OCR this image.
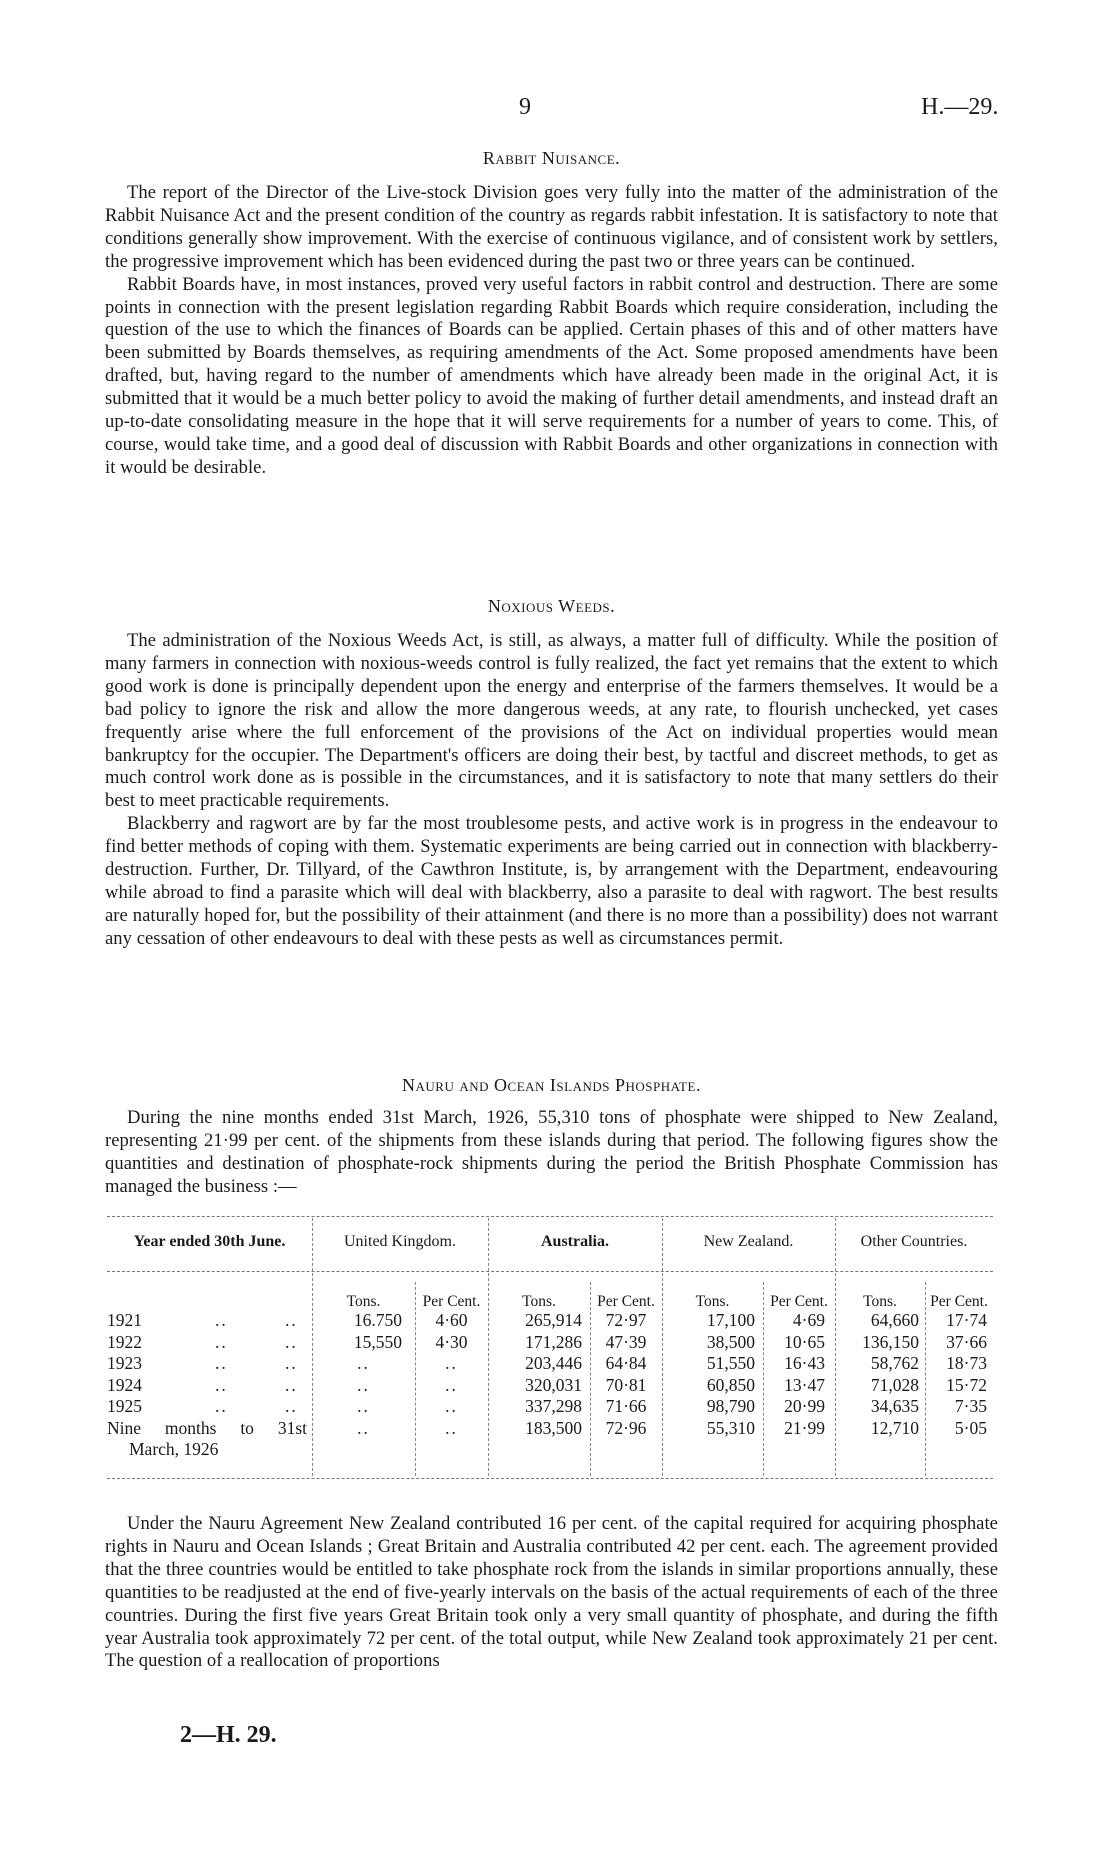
9	H.—29.
Rabbit Nuisance.

The report of the Director of the Live-stock Division goes very fully into the matter of the administration of the Rabbit Nuisance Act and the present condition of the country as regards rabbit infestation. It is satisfactory to note that conditions generally show improvement. With the exercise of continuous vigilance, and of consistent work by settlers, the progressive improvement which has been evidenced during the past two or three years can be continued.

Rabbit Boards have, in most instances, proved very useful factors in rabbit control and destruction. There are some points in connection with the present legislation regarding Rabbit Boards which require consideration, including the question of the use to which the finances of Boards can be applied. Certain phases of this and of other matters have been submitted by Boards themselves, as requiring amendments of the Act. Some proposed amendments have been drafted, but, having regard to the number of amendments which have already been made in the original Act, it is submitted that it would be a much better policy to avoid the making of further detail amendments, and instead draft an up-to-date consolidating measure in the hope that it will serve requirements for a number of years to come. This, of course, would take time, and a good deal of discussion with Rabbit Boards and other organizations in connection with it would be desirable.

Noxious Weeds.

The administration of the Noxious Weeds Act, is still, as always, a matter full of difficulty. While the position of many farmers in connection with noxious-weeds control is fully realized, the fact yet remains that the extent to which good work is done is principally dependent upon the energy and enterprise of the farmers themselves. It would be a bad policy to ignore the risk and allow the more dangerous weeds, at any rate, to flourish unchecked, yet cases frequently arise where the full enforcement of the provisions of the Act on individual properties would mean bankruptcy for the occupier. The Department's officers are doing their best, by tactful and discreet methods, to get as much control work done as is possible in the circumstances, and it is satisfactory to note that many settlers do their best to meet practicable requirements.

Blackberry and ragwort are by far the most troublesome pests, and active work is in progress in the endeavour to find better methods of coping with them. Systematic experiments are being carried out in connection with blackberry-destruction. Further, Dr. Tillyard, of the Cawthron Institute, is, by arrangement with the Department, endeavouring while abroad to find a parasite which will deal with blackberry, also a parasite to deal with ragwort. The best results are naturally hoped for, but the possibility of their attainment (and there is no more than a possibility) does not warrant any cessation of other endeavours to deal with these pests as well as circumstances permit.

Nauru and Ocean Islands Phosphate.

During the nine months ended 31st March, 1926, 55,310 tons of phosphate were shipped to New Zealand, representing 21·99 per cent. of the shipments from these islands during that period. The following figures show the quantities and destination of phosphate-rock shipments during the period the British Phosphate Commission has managed the business :—

Year ended 30th June.	United Kingdom.	Australia.	New Zealand.	Other Countries.
Tons.	Per Cent.	Tons.	Per Cent.	Tons.	Per Cent.	Tons.	Per Cent.
1921	..	..	16.750	4·60	265,914	72·97	17,100	4·69	64,660	17·74
1922	..	..	15,550	4·30	171,286	47·39	38,500	10·65	136,150	37·66
1923	..	..	..	..	203,446	64·84	51,550	16·43	58,762	18·73
1924	..	..	..	..	320,031	70·81	60,850	13·47	71,028	15·72
1925	..	..	..	..	337,298	71·66	98,790	20·99	34,635	7·35
Nine months to 31st
March, 1926
..	..	183,500	72·96	55,310	21·99	12,710	5·05

Under the Nauru Agreement New Zealand contributed 16 per cent. of the capital required for acquiring phosphate rights in Nauru and Ocean Islands ; Great Britain and Australia contributed 42 per cent. each. The agreement provided that the three countries would be entitled to take phosphate rock from the islands in similar proportions annually, these quantities to be readjusted at the end of five-yearly intervals on the basis of the actual requirements of each of the three countries. During the first five years Great Britain took only a very small quantity of phosphate, and during the fifth year Australia took approximately 72 per cent. of the total output, while New Zealand took approximately 21 per cent. The question of a reallocation of proportions

2—H. 29.
